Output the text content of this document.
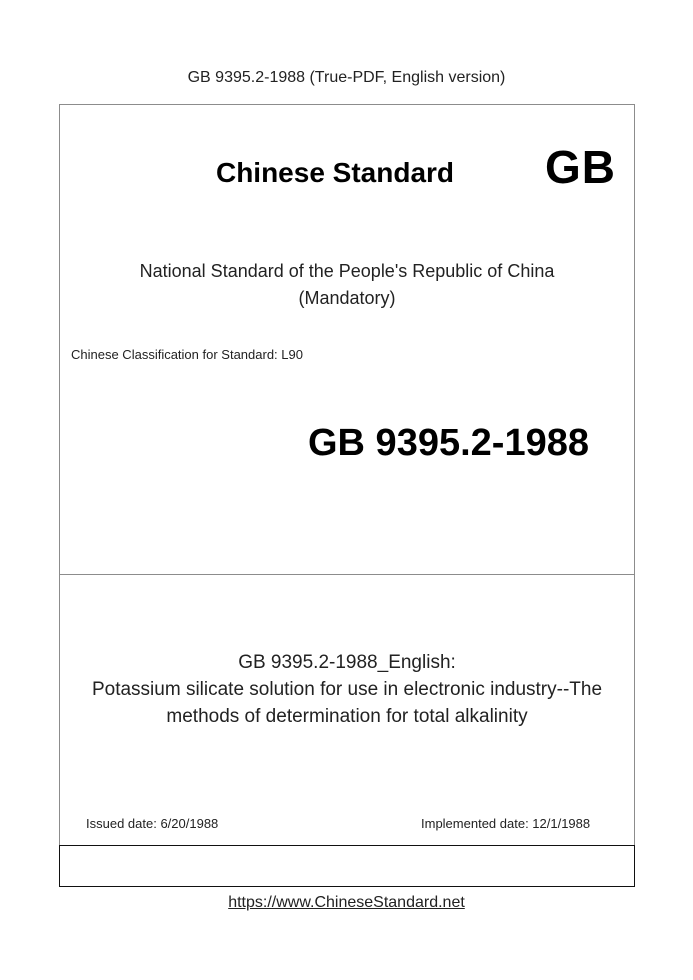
GB 9395.2-1988 (True-PDF, English version)
Chinese Standard	GB
National Standard of the People's Republic of China
(Mandatory)
Chinese Classification for Standard: L90
GB 9395.2-1988
GB 9395.2-1988_English:
Potassium silicate solution for use in electronic industry--The
methods of determination for total alkalinity
Issued date: 6/20/1988	Implemented date: 12/1/1988
https://www.ChineseStandard.net
